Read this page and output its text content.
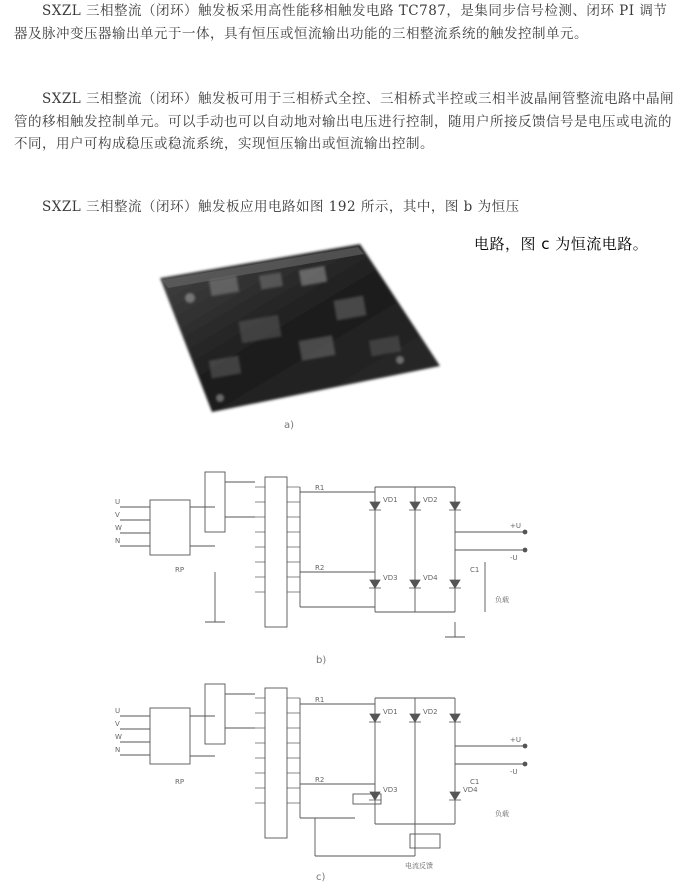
SXZL 三相整流（闭环）触发板采用高性能移相触发电路 TC787，是集同步信号检测、闭环 PI 调节器及脉冲变压器输出单元于一体，具有恒压或恒流输出功能的三相整流系统的触发控制单元。
SXZL 三相整流（闭环）触发板可用于三相桥式全控、三相桥式半控或三相半波晶闸管整流电路中晶闸管的移相触发控制单元。可以手动也可以自动地对输出电压进行控制，随用户所接反馈信号是电压或电流的不同，用户可构成稳压或稳流系统，实现恒压输出或恒流输出控制。
SXZL 三相整流（闭环）触发板应用电路如图 192 所示，其中，图 b 为恒压
电路，图 c 为恒流电路。
a)
U
V
W
N
RP
VD1	VD2
VD3	VD4
R1
R2	C1
+U
-U
负载
b)
U
V
W
N
RP
VD1	VD2
VD3	VD4
R1
R2	C1
+U
-U
负载
电流反馈
c)
